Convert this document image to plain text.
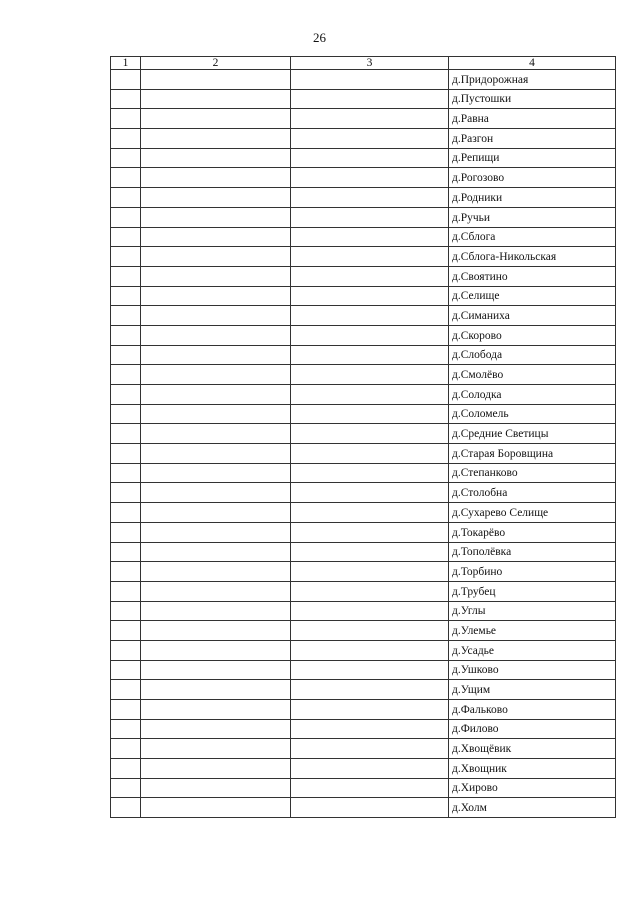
26
1	2	3	4
			д.Придорожная
			д.Пустошки
			д.Равна
			д.Разгон
			д.Репищи
			д.Рогозово
			д.Родники
			д.Ручьи
			д.Сблога
			д.Сблога-Никольская
			д.Своятино
			д.Селище
			д.Симаниха
			д.Скорово
			д.Слобода
			д.Смолёво
			д.Солодка
			д.Соломель
			д.Средние Светицы
			д.Старая Боровщина
			д.Степанково
			д.Столобна
			д.Сухарево Селище
			д.Токарёво
			д.Тополёвка
			д.Торбино
			д.Трубец
			д.Углы
			д.Улемье
			д.Усадье
			д.Ушково
			д.Ущим
			д.Фальково
			д.Филово
			д.Хвощёвик
			д.Хвощник
			д.Хирово
			д.Холм
